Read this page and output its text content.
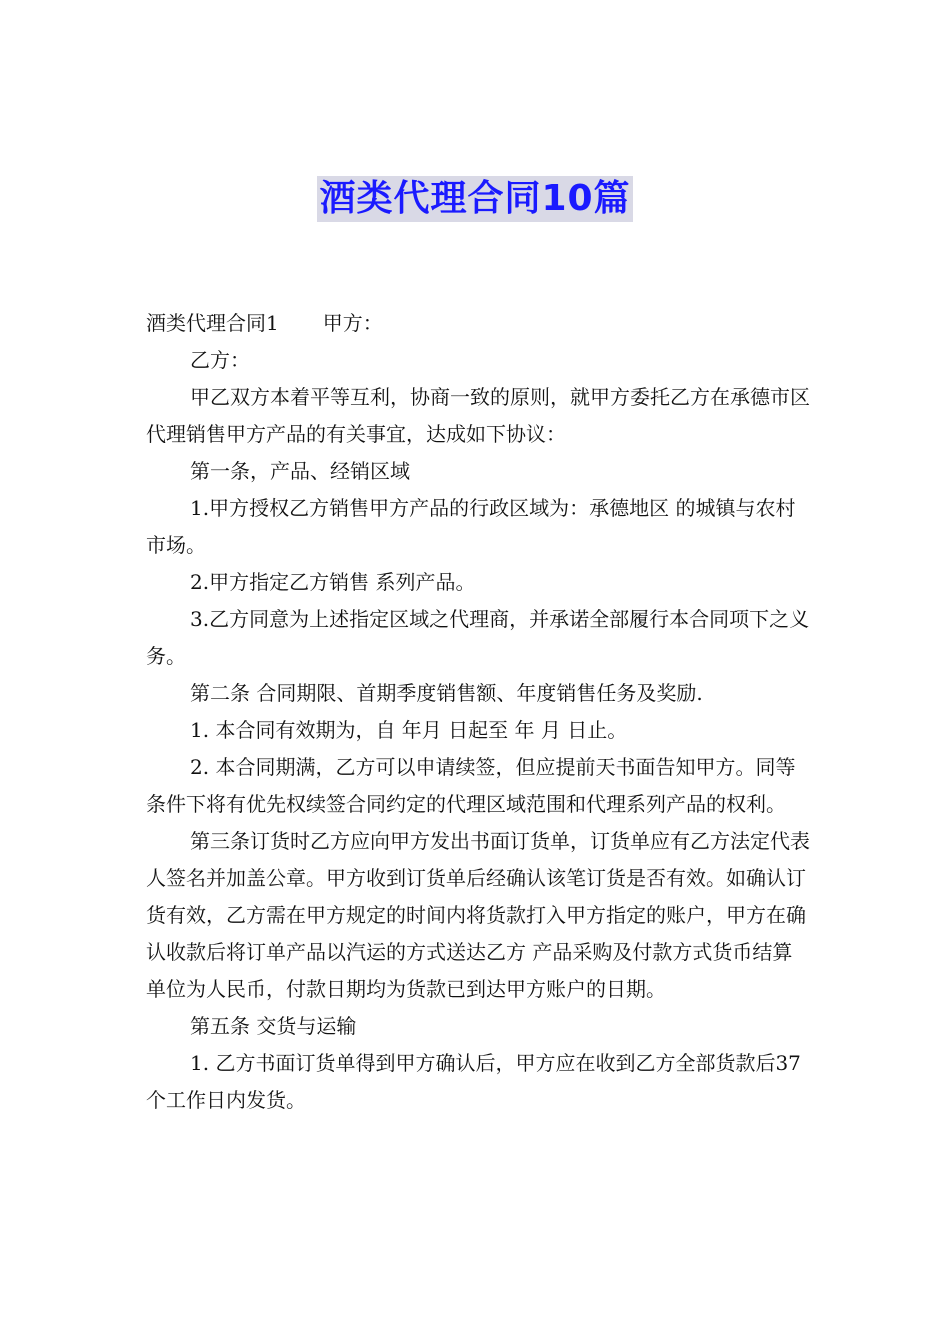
酒类代理合同10篇

酒类代理合同1 甲方：

乙方：

甲乙双方本着平等互利，协商一致的原则，就甲方委托乙方在承德市区代理销售甲方产品的有关事宜，达成如下协议：

第一条，产品、经销区域

1.甲方授权乙方销售甲方产品的行政区域为：承德地区 的城镇与农村市场。

2.甲方指定乙方销售 系列产品。

3.乙方同意为上述指定区域之代理商，并承诺全部履行本合同项下之义务。

第二条 合同期限、首期季度销售额、年度销售任务及奖励.

1. 本合同有效期为，自 年月 日起至 年 月 日止。

2. 本合同期满，乙方可以申请续签，但应提前天书面告知甲方。同等条件下将有优先权续签合同约定的代理区域范围和代理系列产品的权利。

第三条订货时乙方应向甲方发出书面订货单，订货单应有乙方法定代表人签名并加盖公章。甲方收到订货单后经确认该笔订货是否有效。如确认订货有效，乙方需在甲方规定的时间内将货款打入甲方指定的账户，甲方在确认收款后将订单产品以汽运的方式送达乙方 产品采购及付款方式货币结算单位为人民币，付款日期均为货款已到达甲方账户的日期。

第五条 交货与运输

1. 乙方书面订货单得到甲方确认后，甲方应在收到乙方全部货款后37个工作日内发货。
